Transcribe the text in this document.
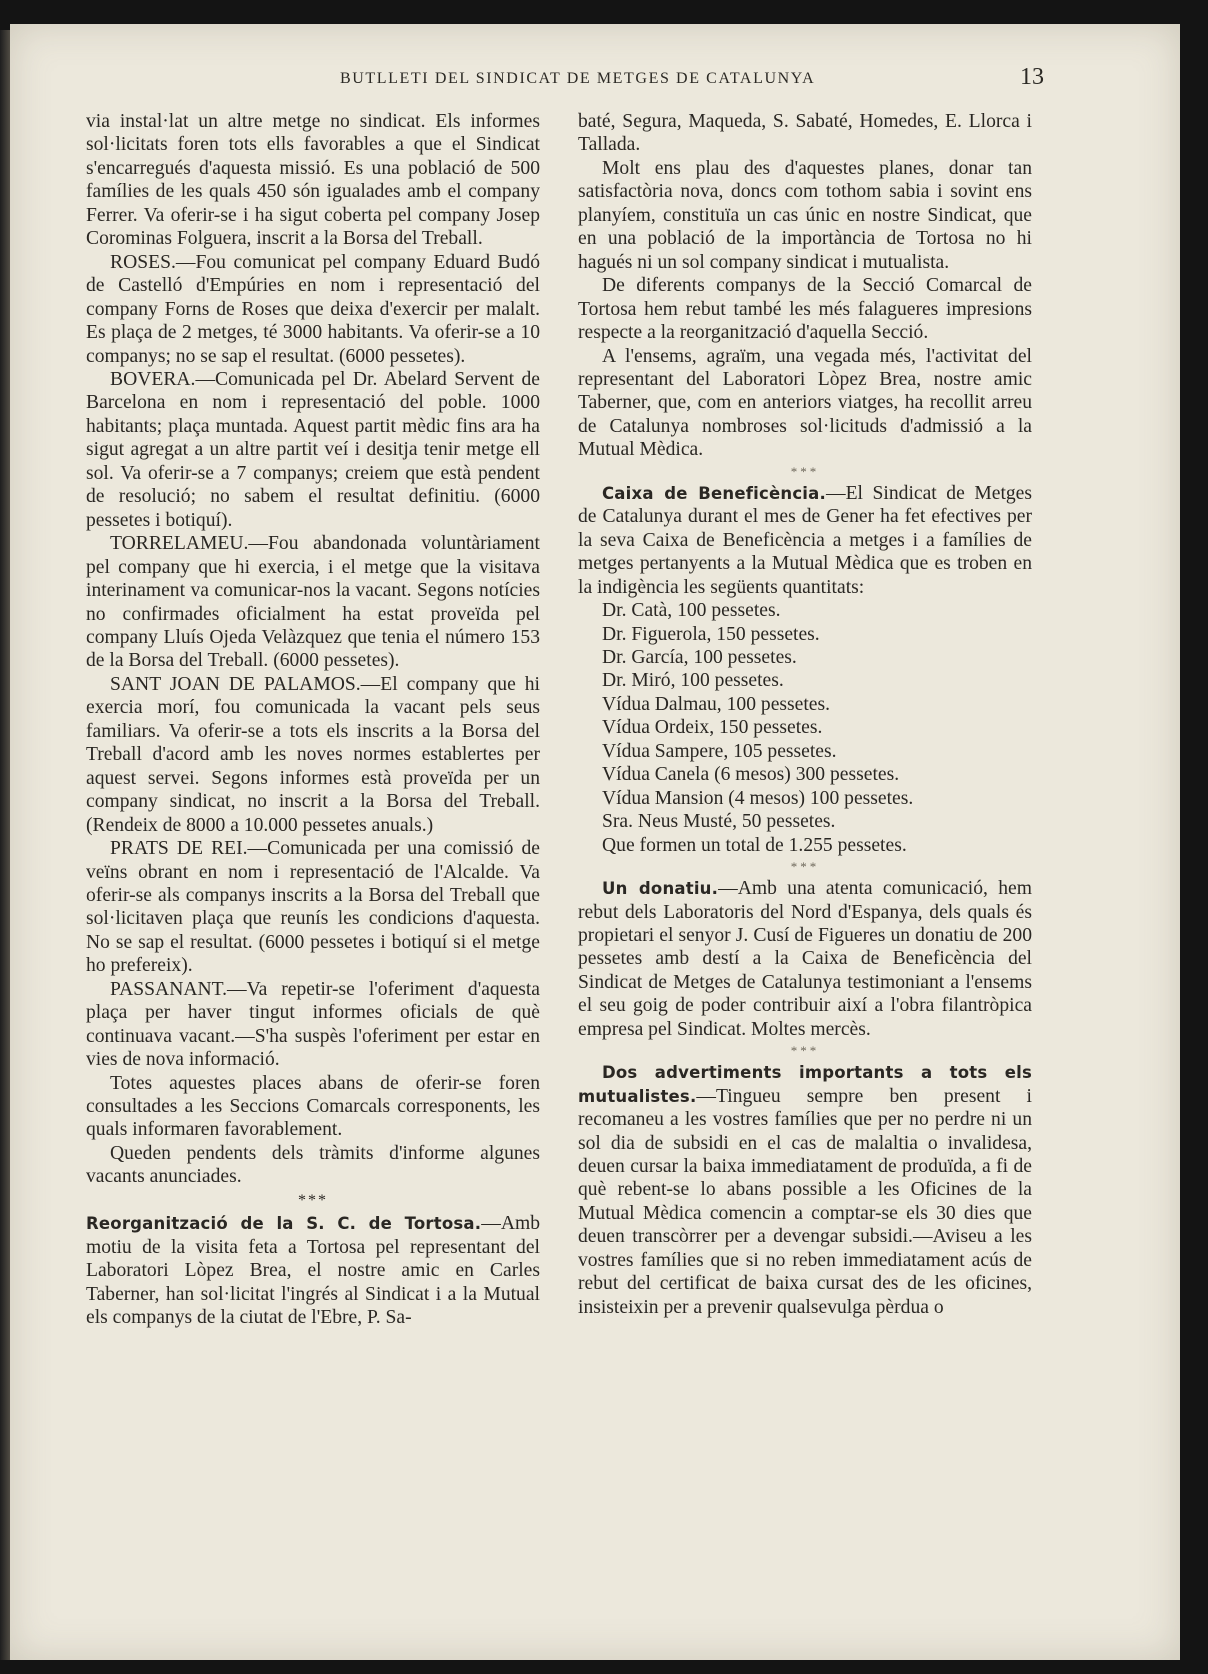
BUTLLETI DEL SINDICAT DE METGES DE CATALUNYA	13

via instal·lat un altre metge no sindicat. Els informes sol·licitats foren tots ells favorables a que el Sindicat s'encarregués d'aquesta missió. Es una població de 500 famílies de les quals 450 són igualades amb el company Ferrer. Va oferir-se i ha sigut coberta pel company Josep Corominas Folguera, inscrit a la Borsa del Treball.

ROSES.—Fou comunicat pel company Eduard Budó de Castelló d'Empúries en nom i representació del company Forns de Roses que deixa d'exercir per malalt. Es plaça de 2 metges, té 3000 habitants. Va oferir-se a 10 companys; no se sap el resultat. (6000 pessetes).

BOVERA.—Comunicada pel Dr. Abelard Servent de Barcelona en nom i representació del poble. 1000 habitants; plaça muntada. Aquest partit mèdic fins ara ha sigut agregat a un altre partit veí i desitja tenir metge ell sol. Va oferir-se a 7 companys; creiem que està pendent de resolució; no sabem el resultat definitiu. (6000 pessetes i botiquí).

TORRELAMEU.—Fou abandonada voluntàriament pel company que hi exercia, i el metge que la visitava interinament va comunicar-nos la vacant. Segons notícies no confirmades oficialment ha estat proveïda pel company Lluís Ojeda Velàzquez que tenia el número 153 de la Borsa del Treball. (6000 pessetes).

SANT JOAN DE PALAMOS.—El company que hi exercia morí, fou comunicada la vacant pels seus familiars. Va oferir-se a tots els inscrits a la Borsa del Treball d'acord amb les noves normes establertes per aquest servei. Segons informes està proveïda per un company sindicat, no inscrit a la Borsa del Treball. (Rendeix de 8000 a 10.000 pessetes anuals.)

PRATS DE REI.—Comunicada per una comissió de veïns obrant en nom i representació de l'Alcalde. Va oferir-se als companys inscrits a la Borsa del Treball que sol·licitaven plaça que reunís les condicions d'aquesta. No se sap el resultat. (6000 pessetes i botiquí si el metge ho prefereix).

PASSANANT.—Va repetir-se l'oferiment d'aquesta plaça per haver tingut informes oficials de què continuava vacant.—S'ha suspès l'oferiment per estar en vies de nova informació.

Totes aquestes places abans de oferir-se foren consultades a les Seccions Comarcals corresponents, les quals informaren favorablement.

Queden pendents dels tràmits d'informe algunes vacants anunciades.

***

Reorganització de la S. C. de Tortosa.—Amb motiu de la visita feta a Tortosa pel representant del Laboratori Lòpez Brea, el nostre amic en Carles Taberner, han sol·licitat l'ingrés al Sindicat i a la Mutual els companys de la ciutat de l'Ebre, P. Sa-

baté, Segura, Maqueda, S. Sabaté, Homedes, E. Llorca i Tallada.

Molt ens plau des d'aquestes planes, donar tan satisfactòria nova, doncs com tothom sabia i sovint ens planyíem, constituïa un cas únic en nostre Sindicat, que en una població de la importància de Tortosa no hi hagués ni un sol company sindicat i mutualista.

De diferents companys de la Secció Comarcal de Tortosa hem rebut també les més falagueres impresions respecte a la reorganització d'aquella Secció.

A l'ensems, agraïm, una vegada més, l'activitat del representant del Laboratori Lòpez Brea, nostre amic Taberner, que, com en anteriors viatges, ha recollit arreu de Catalunya nombroses sol·licituds d'admissió a la Mutual Mèdica.

***

Caixa de Beneficència.—El Sindicat de Metges de Catalunya durant el mes de Gener ha fet efectives per la seva Caixa de Beneficència a metges i a famílies de metges pertanyents a la Mutual Mèdica que es troben en la indigència les següents quantitats:

Dr. Catà, 100 pessetes.
Dr. Figuerola, 150 pessetes.
Dr. García, 100 pessetes.
Dr. Miró, 100 pessetes.
Vídua Dalmau, 100 pessetes.
Vídua Ordeix, 150 pessetes.
Vídua Sampere, 105 pessetes.
Vídua Canela (6 mesos) 300 pessetes.
Vídua Mansion (4 mesos) 100 pessetes.
Sra. Neus Musté, 50 pessetes.
Que formen un total de 1.255 pessetes.

***

Un donatiu.—Amb una atenta comunicació, hem rebut dels Laboratoris del Nord d'Espanya, dels quals és propietari el senyor J. Cusí de Figueres un donatiu de 200 pessetes amb destí a la Caixa de Beneficència del Sindicat de Metges de Catalunya testimoniant a l'ensems el seu goig de poder contribuir així a l'obra filantròpica empresa pel Sindicat. Moltes mercès.

***

Dos advertiments importants a tots els mutualistes.—Tingueu sempre ben present i recomaneu a les vostres famílies que per no perdre ni un sol dia de subsidi en el cas de malaltia o invalidesa, deuen cursar la baixa immediatament de produïda, a fi de què rebent-se lo abans possible a les Oficines de la Mutual Mèdica comencin a comptar-se els 30 dies que deuen transcòrrer per a devengar subsidi.—Aviseu a les vostres famílies que si no reben immediatament acús de rebut del certificat de baixa cursat des de les oficines, insisteixin per a prevenir qualsevulga pèrdua o
